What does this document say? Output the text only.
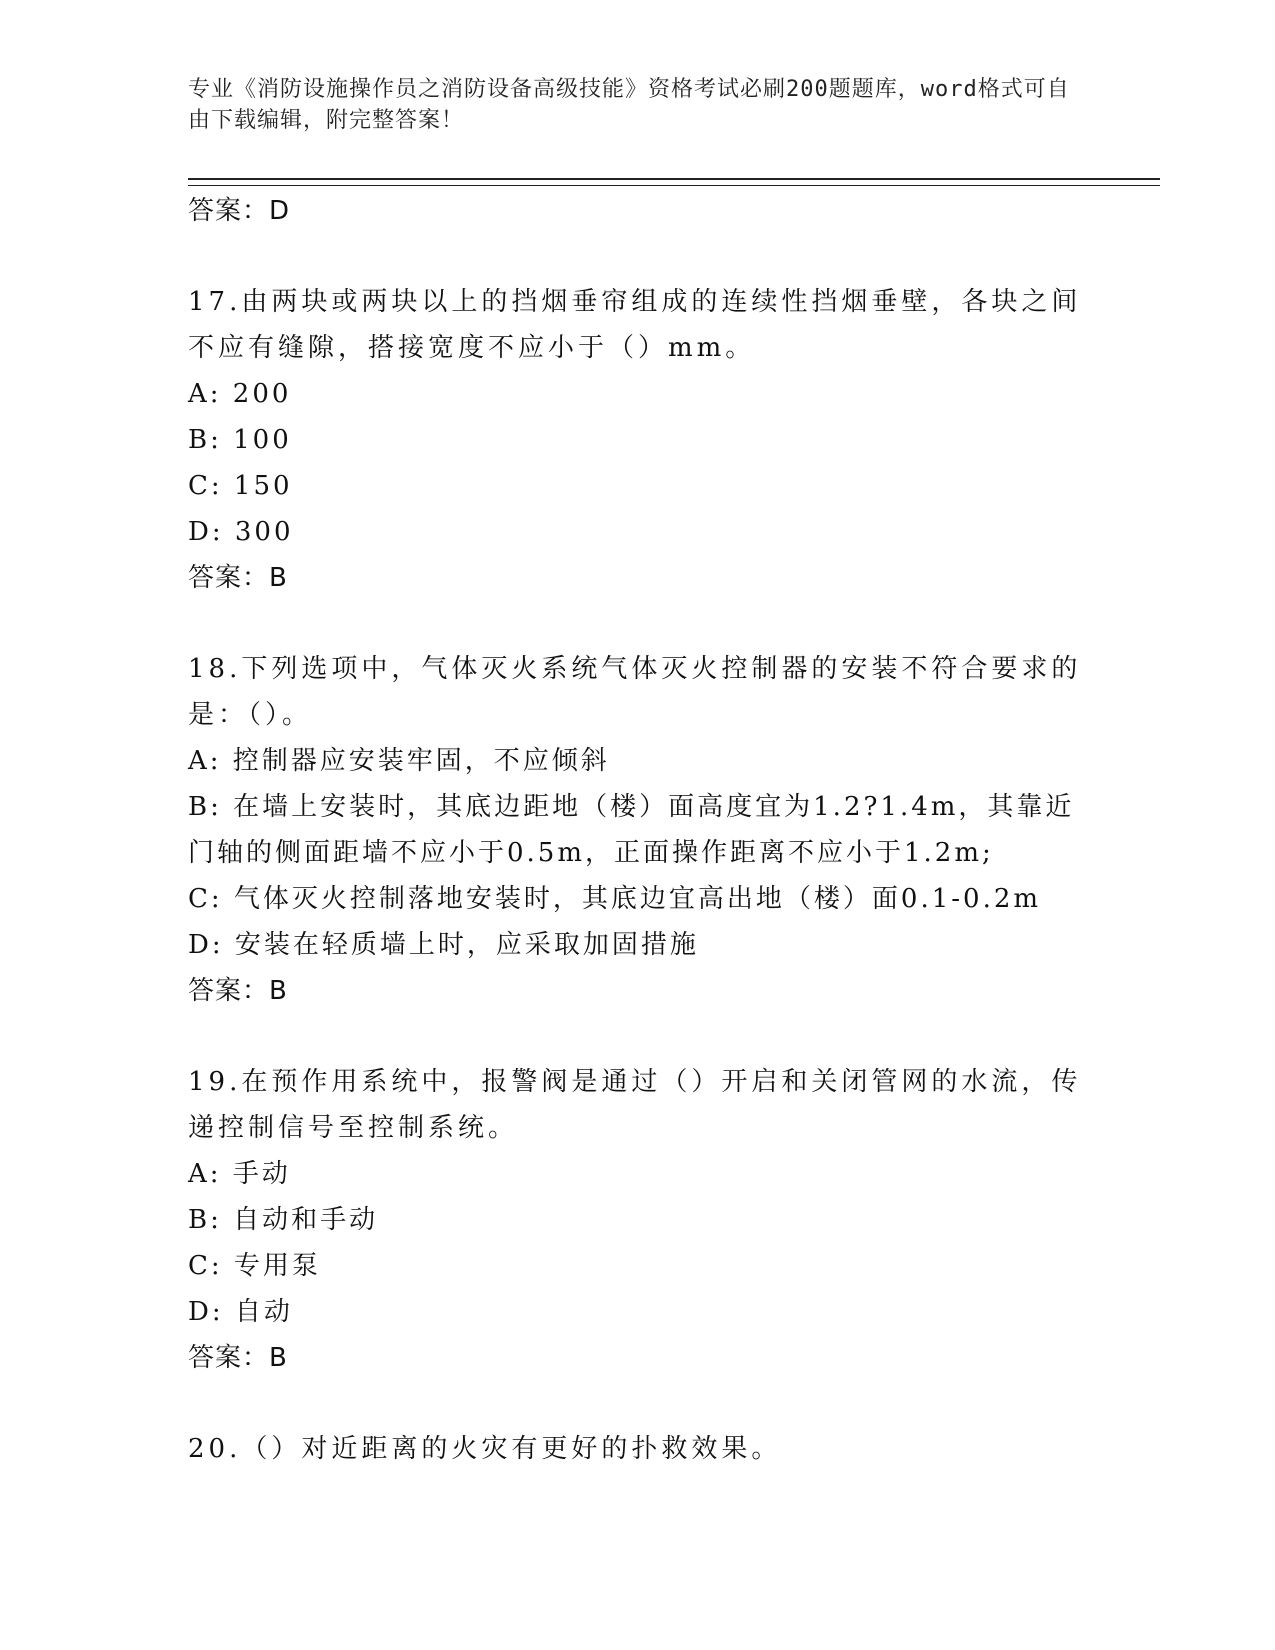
专业《消防设施操作员之消防设备高级技能》资格考试必刷200题题库，word格式可自由下载编辑，附完整答案！
答案：D

17.由两块或两块以上的挡烟垂帘组成的连续性挡烟垂壁，各块之间不应有缝隙，搭接宽度不应小于（）mm。

A: 200

B: 100

C: 150

D: 300

答案：B

18.下列选项中，气体灭火系统气体灭火控制器的安装不符合要求的是：（）。

A: 控制器应安装牢固，不应倾斜

B: 在墙上安装时，其底边距地（楼）面高度宜为1.2?1.4m，其靠近门轴的侧面距墙不应小于0.5m，正面操作距离不应小于1.2m;

C: 气体灭火控制落地安装时，其底边宜高出地（楼）面0.1-0.2m

D: 安装在轻质墙上时，应采取加固措施

答案：B

19.在预作用系统中，报警阀是通过（）开启和关闭管网的水流，传递控制信号至控制系统。

A: 手动

B: 自动和手动

C: 专用泵

D: 自动

答案：B

20.（）对近距离的火灾有更好的扑救效果。
